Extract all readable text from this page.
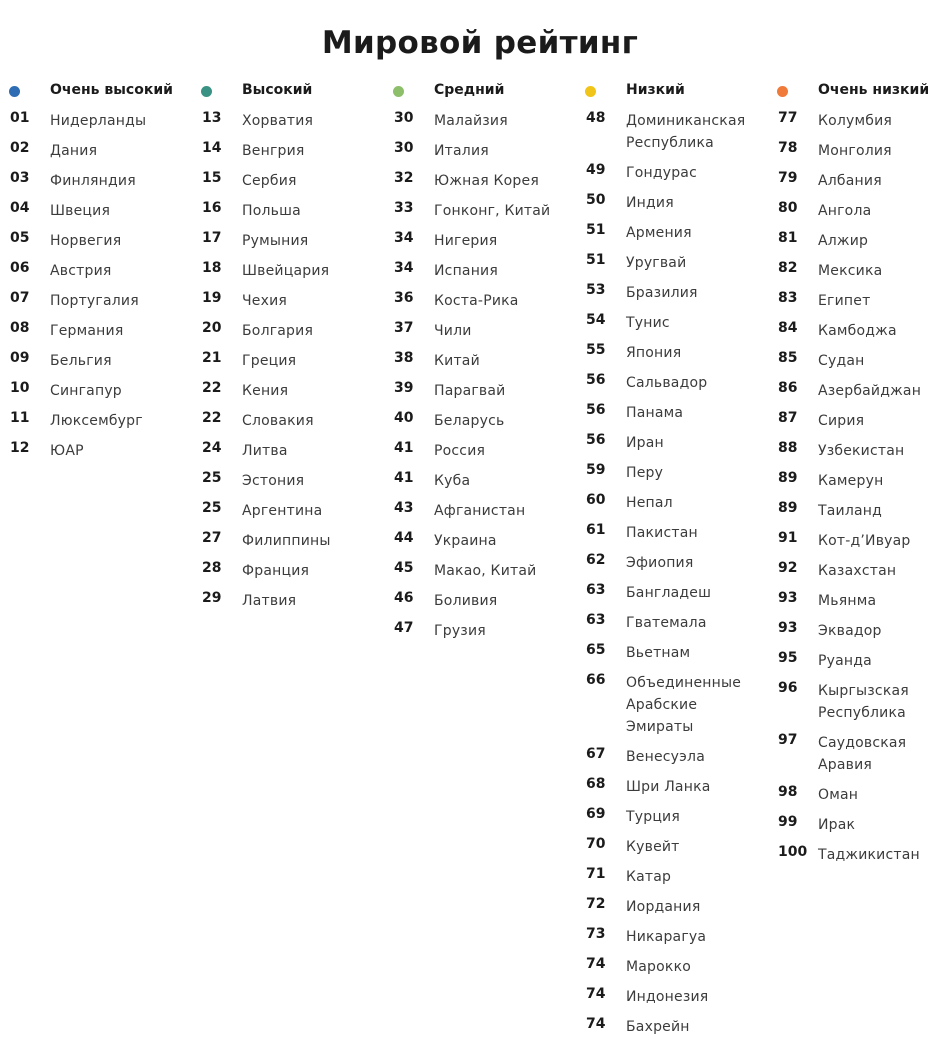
Мировой рейтинг
Очень высокий
01 Нидерланды
02 Дания
03 Финляндия
04 Швеция
05 Норвегия
06 Австрия
07 Португалия
08 Германия
09 Бельгия
10 Сингапур
11 Люксембург
12 ЮАР
Высокий
13 Хорватия
14 Венгрия
15 Сербия
16 Польша
17 Румыния
18 Швейцария
19 Чехия
20 Болгария
21 Греция
22 Кения
22 Словакия
24 Литва
25 Эстония
25 Аргентина
27 Филиппины
28 Франция
29 Латвия
Средний
30 Малайзия
30 Италия
32 Южная Корея
33 Гонконг, Китай
34 Нигерия
34 Испания
36 Коста-Рика
37 Чили
38 Китай
39 Парагвай
40 Беларусь
41 Россия
41 Куба
43 Афганистан
44 Украина
45 Макао, Китай
46 Боливия
47 Грузия
Низкий
48 Доминиканская Республика
49 Гондурас
50 Индия
51 Армения
51 Уругвай
53 Бразилия
54 Тунис
55 Япония
56 Сальвадор
56 Панама
56 Иран
59 Перу
60 Непал
61 Пакистан
62 Эфиопия
63 Бангладеш
63 Гватемала
65 Вьетнам
66 Объединенные Арабские Эмираты
67 Венесуэла
68 Шри Ланка
69 Турция
70 Кувейт
71 Катар
72 Иордания
73 Никарагуа
74 Марокко
74 Индонезия
74 Бахрейн
Очень низкий
77 Колумбия
78 Монголия
79 Албания
80 Ангола
81 Алжир
82 Мексика
83 Египет
84 Камбоджа
85 Судан
86 Азербайджан
87 Сирия
88 Узбекистан
89 Камерун
89 Таиланд
91 Кот-д’Ивуар
92 Казахстан
93 Мьянма
93 Эквадор
95 Руанда
96 Кыргызская Республика
97 Саудовская Аравия
98 Оман
99 Ирак
100 Таджикистан
